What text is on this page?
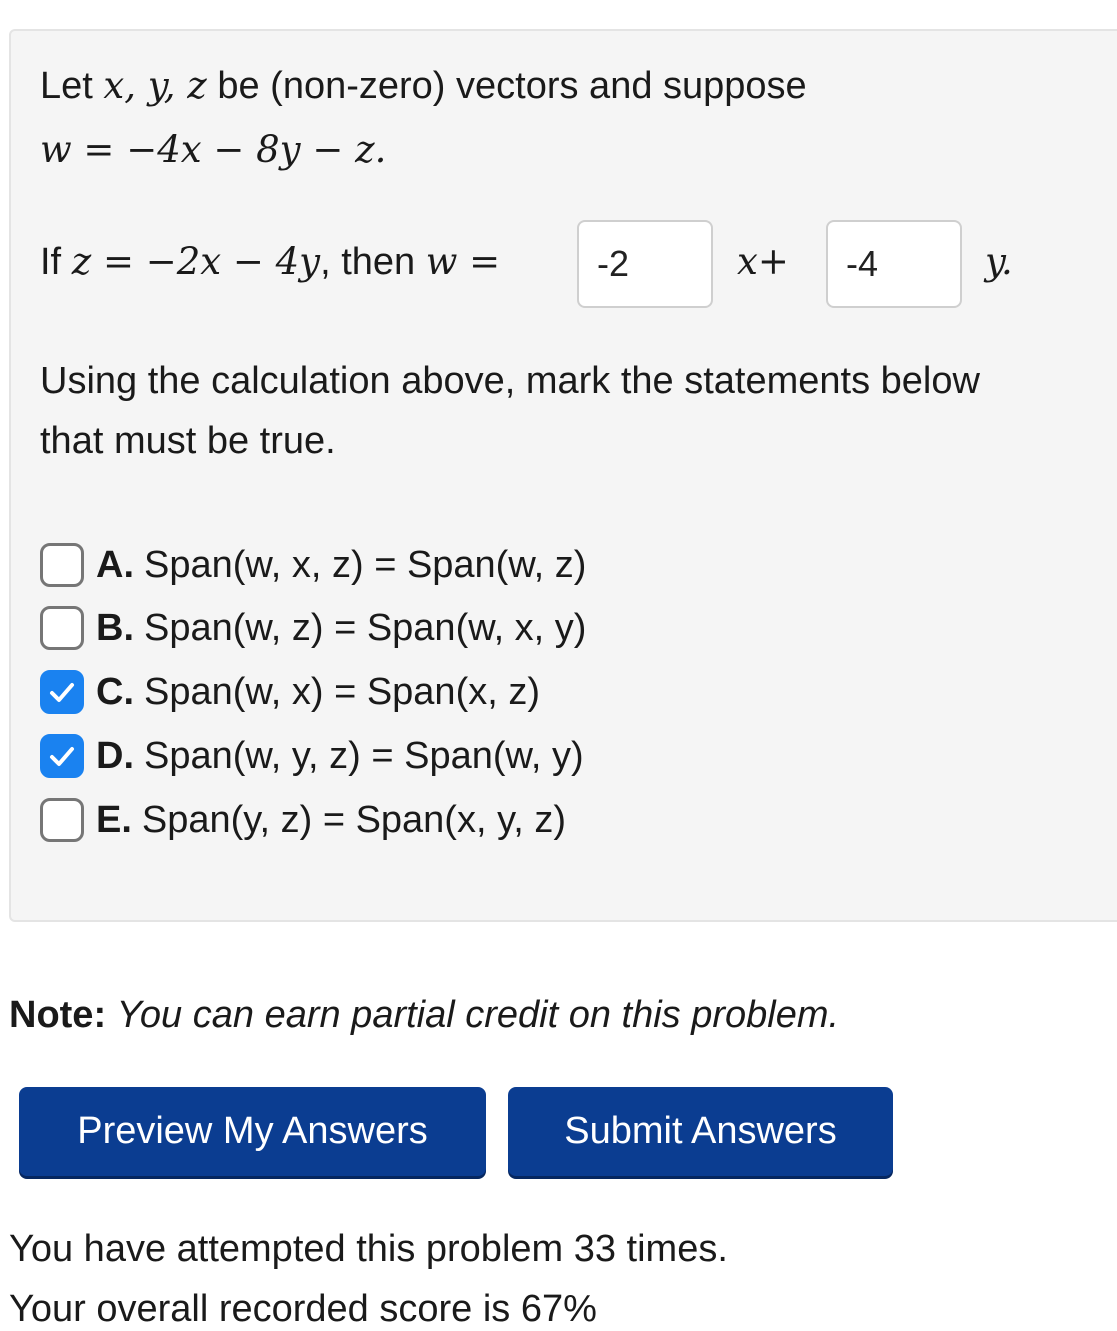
Let x, y, z be (non-zero) vectors and suppose
w = −4x − 8y − z.
If z = −2x − 4y, then w =
-2	x+
-4	y.
Using the calculation above, mark the statements below
that must be true.
A. Span(w, x, z) = Span(w, z)
B. Span(w, z) = Span(w, x, y)
C. Span(w, x) = Span(x, z)
D. Span(w, y, z) = Span(w, y)
E. Span(y, z) = Span(x, y, z)
Note: You can earn partial credit on this problem.
Preview My Answers	Submit Answers
You have attempted this problem 33 times.
Your overall recorded score is 67%
